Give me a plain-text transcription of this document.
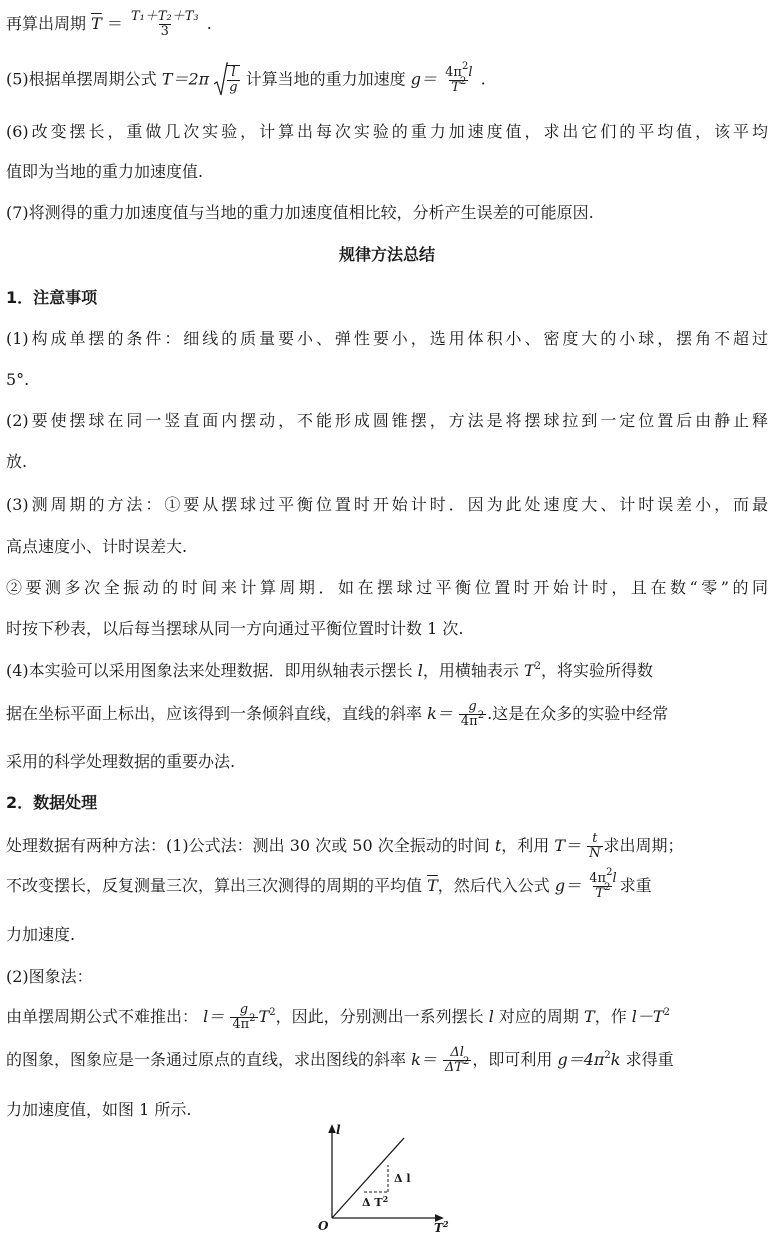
再算出周期 $\overline{T} = \frac{\text{T₁＋T₂＋T₃}}{3}$ .
(5)根据单摆周期公式 $T=2\pi \frac{l}{g}$ 计算当地的重力加速度 $g= \frac{4\pi^2l}{T^2}$ .
(6)改变摆长，重做几次实验，计算出每次实验的重力加速度值，求出它们的平均值，该平均
值即为当地的重力加速度值.
(7)将测得的重力加速度值与当地的重力加速度值相比较，分析产生误差的可能原因.
规律方法总结
1．注意事项
(1)构成单摆的条件：细线的质量要小、弹性要小，选用体积小、密度大的小球，摆角不超过
5°.
(2)要使摆球在同一竖直面内摆动，不能形成圆锥摆，方法是将摆球拉到一定位置后由静止释
放.
(3)测周期的方法：①要从摆球过平衡位置时开始计时．因为此处速度大、计时误差小，而最
高点速度小、计时误差大.
②要测多次全振动的时间来计算周期．如在摆球过平衡位置时开始计时，且在数“零”的同
时按下秒表，以后每当摆球从同一方向通过平衡位置时计数 1 次.
(4)本实验可以采用图象法来处理数据．即用纵轴表示摆长 l，用横轴表示 $T^2$，将实验所得数
据在坐标平面上标出，应该得到一条倾斜直线，直线的斜率 $k= \frac{g}{4\pi^2}$ .这是在众多的实验中经常
采用的科学处理数据的重要办法.
2．数据处理
处理数据有两种方法：(1)公式法：测出 30 次或 50 次全振动的时间 t，利用 $T= \frac{t}{N}$ 求出周期；
不改变摆长，反复测量三次，算出三次测得的周期的平均值 $\overline{T}$，然后代入公式 $g= \frac{4\pi^2l}{T^2}$ 求重
力加速度.
(2)图象法：
由单摆周期公式不难推出： $l= \frac{g}{4\pi^2} T^2$，因此，分别测出一系列摆长 l 对应的周期 T，作 $l-T^2$
的图象，图象应是一条通过原点的直线，求出图线的斜率 $k= \frac{\Delta l}{\Delta T^2}$ ，即可利用 $g=4\pi^2k$ 求得重
力加速度值，如图 1 所示.
l
O	$T^2$
Δ l
Δ $T^2$
